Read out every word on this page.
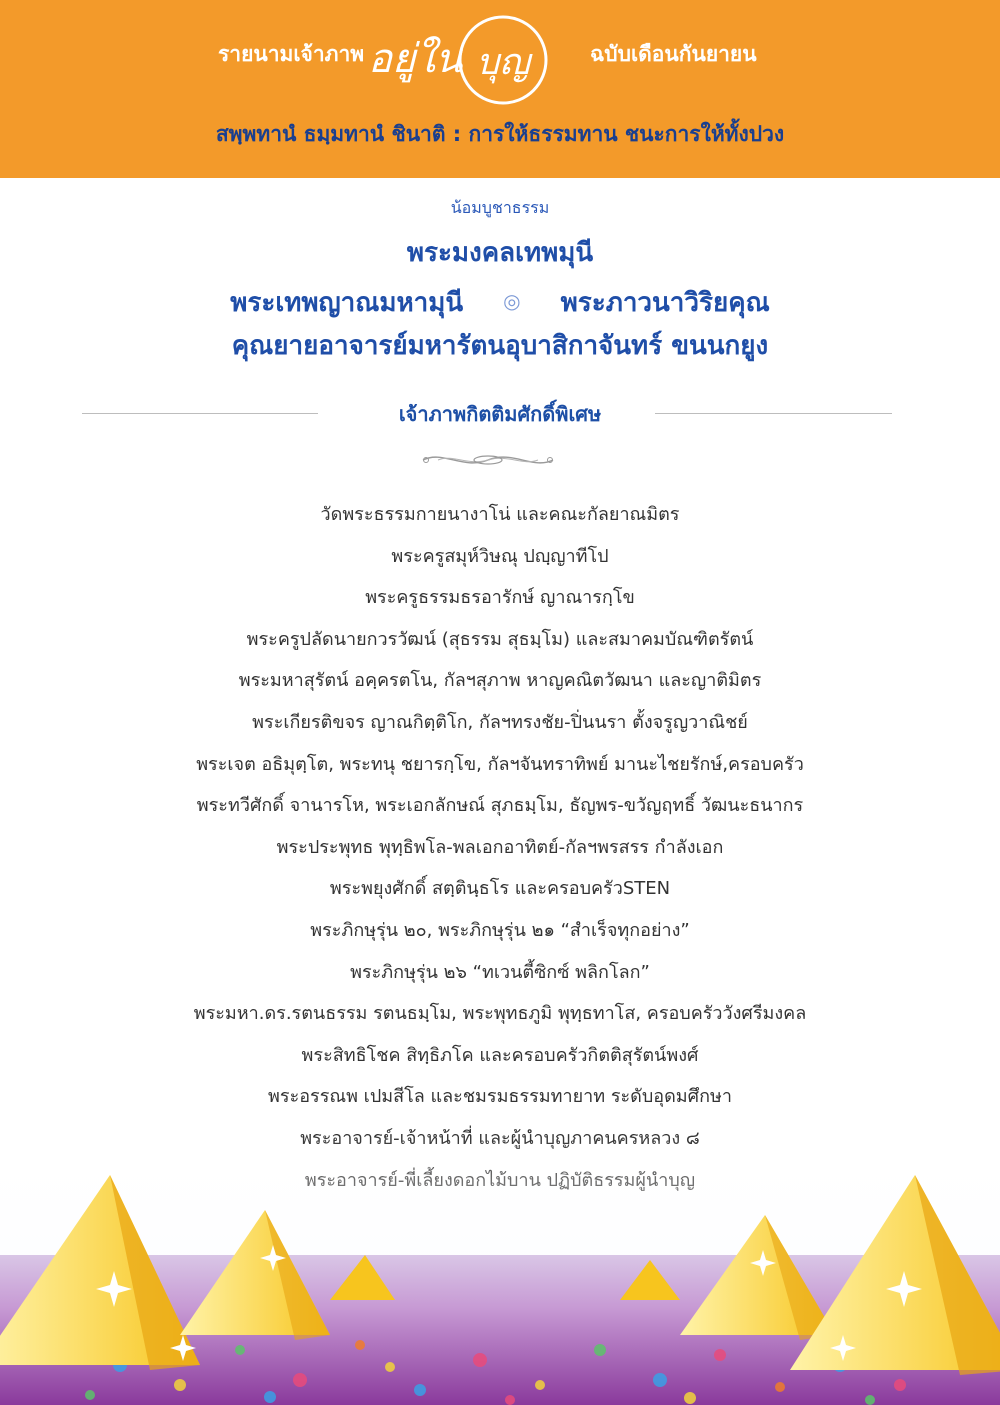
รายนามเจ้าภาพ อยู่ใน บุญ	ฉบับเดือนกันยายน
สพฺพทานํ ธมฺมทานํ ชินาติ : การให้ธรรมทาน ชนะการให้ทั้งปวง
น้อมบูชาธรรม
พระมงคลเทพมุนี
พระเทพญาณมหามุนี ◎ พระภาวนาวิริยคุณ
คุณยายอาจารย์มหารัตนอุบาสิกาจันทร์ ขนนกยูง
เจ้าภาพกิตติมศักดิ์พิเศษ
วัดพระธรรมกายนางาโน่ และคณะกัลยาณมิตร
พระครูสมุห์วิษณุ ปญฺญาทีโป
พระครูธรรมธรอารักษ์ ญาณารกฺโข
พระครูปลัดนายกวรวัฒน์ (สุธรรม สุธมฺโม) และสมาคมบัณฑิตรัตน์
พระมหาสุรัตน์ อคฺครตโน, กัลฯสุภาพ หาญคณิตวัฒนา และญาติมิตร
พระเกียรติขจร ญาณกิตฺติโก, กัลฯทรงชัย-ปิ่นนรา ตั้งจรูญวาณิชย์
พระเจต อธิมุตฺโต, พระทนุ ชยารกฺโข, กัลฯจันทราทิพย์ มานะไชยรักษ์,ครอบครัว
พระทวีศักดิ์ จานารโห, พระเอกลักษณ์ สุภธมฺโม, ธัญพร-ขวัญฤทธิ์ วัฒนะธนากร
พระประพุทธ พุทฺธิพโล-พลเอกอาทิตย์-กัลฯพรสรร กำลังเอก
พระพยุงศักดิ์ สตฺตินฺธโร และครอบครัวSTEN
พระภิกษุรุ่น ๒๐, พระภิกษุรุ่น ๒๑ “สำเร็จทุกอย่าง”
พระภิกษุรุ่น ๒๖ “ทเวนตี้ซิกซ์ พลิกโลก”
พระมหา.ดร.รตนธรรม รตนธมฺโม, พระพุทธภูมิ พุทฺธทาโส, ครอบครัววังศรีมงคล
พระสิทธิโชค สิทฺธิภโค และครอบครัวกิตติสุรัตน์พงศ์
พระอรรณพ เปมสีโล และชมรมธรรมทายาท ระดับอุดมศึกษา
